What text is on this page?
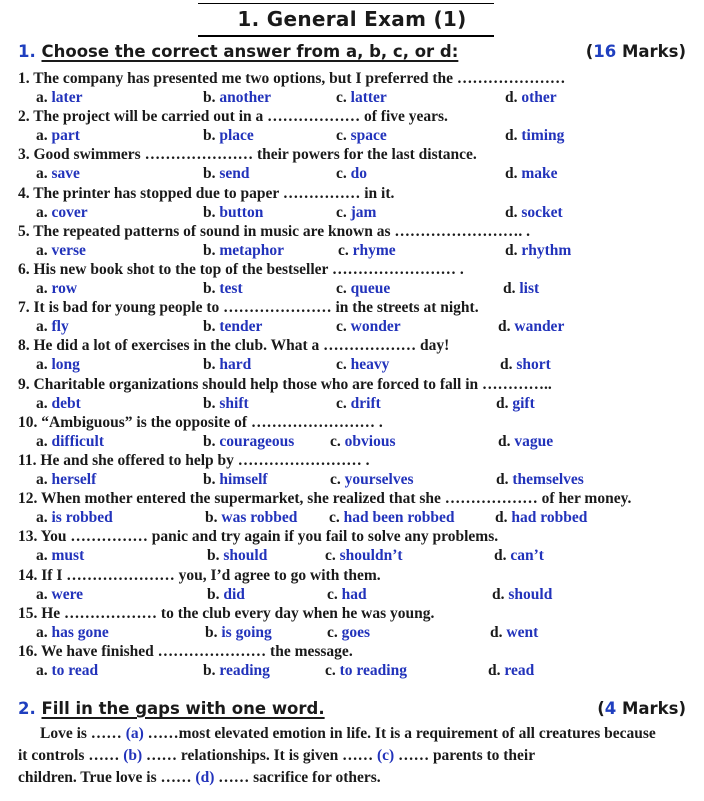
1. General Exam (1)
1. Choose the correct answer from a, b, c, or d:	(16 Marks)
1. The company has presented me two options, but I preferred the …………………
a. later	b. another	c. latter	d. other
2. The project will be carried out in a ……………… of five years.
a. part	b. place	c. space	d. timing
3. Good swimmers ………………… their powers for the last distance.
a. save	b. send	c. do	d. make
4. The printer has stopped due to paper …………… in it.
a. cover	b. button	c. jam	d. socket
5. The repeated patterns of sound in music are known as ……………………. .
a. verse	b. metaphor	c. rhyme	d. rhythm
6. His new book shot to the top of the bestseller …………………… .
a. row	b. test	c. queue	d. list
7. It is bad for young people to ………………… in the streets at night.
a. fly	b. tender	c. wonder	d. wander
8. He did a lot of exercises in the club. What a ……………… day!
a. long	b. hard	c. heavy	d. short
9. Charitable organizations should help those who are forced to fall in …………..
a. debt	b. shift	c. drift	d. gift
10. “Ambiguous” is the opposite of …………………… .
a. difficult	b. courageous c. obvious	d. vague
11. He and she offered to help by …………………… .
a. herself	b. himself	c. yourselves	d. themselves
12. When mother entered the supermarket, she realized that she ……………… of her money.
a. is robbed	b. was robbed c. had been robbed	d. had robbed
13. You …………… panic and try again if you fail to solve any problems.
a. must	b. should	c. shouldn’t	d. can’t
14. If I ………………… you, I’d agree to go with them.
a. were	b. did	c. had	d. should
15. He ……………… to the club every day when he was young.
a. has gone	b. is going	c. goes	d. went
16. We have finished ………………… the message.
a. to read	b. reading	c. to reading	d. read
2. Fill in the gaps with one word.	(4 Marks)
Love is …… (a) ……most elevated emotion in life. It is a requirement of all creatures because
it controls …… (b) …… relationships. It is given …… (c) …… parents to their
children. True love is …… (d) …… sacrifice for others.
